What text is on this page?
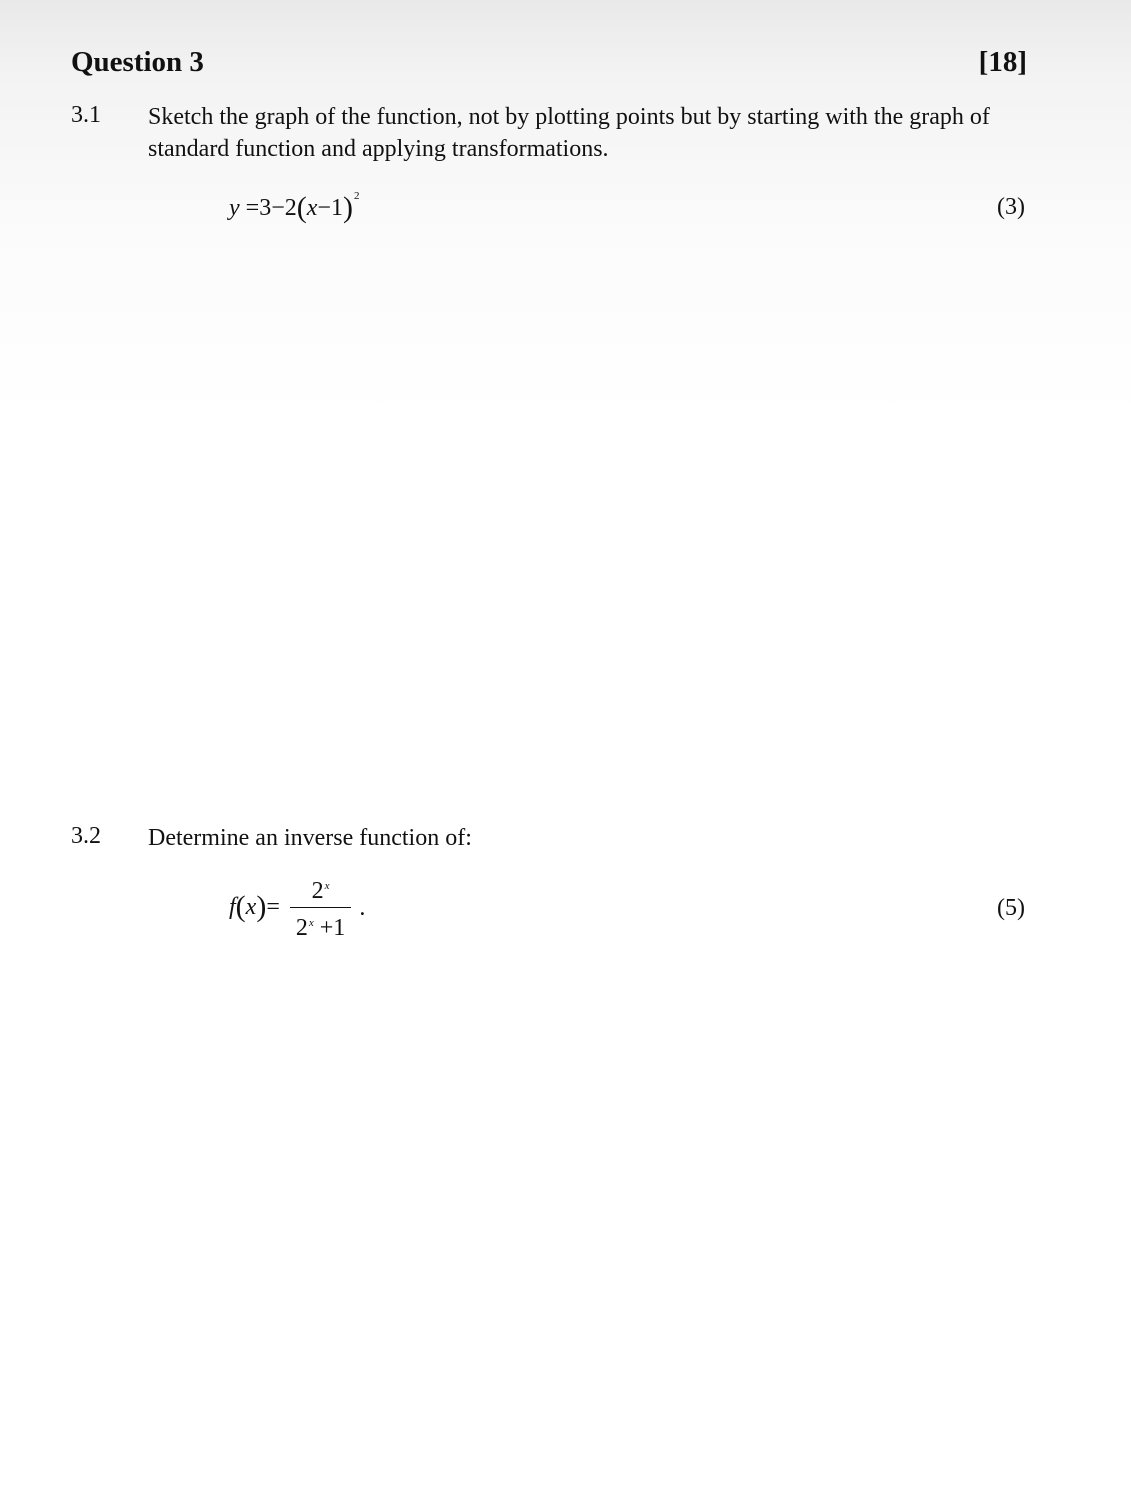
Question 3	[18]
3.1 Sketch the graph of the function, not by plotting points but by starting with the graph of standard function and applying transformations.
$y =3-2(x-1)^2$	(3)
3.2 Determine an inverse function of:
$f(x)= \frac{2^x}{2^x +1}$ .	(5)
